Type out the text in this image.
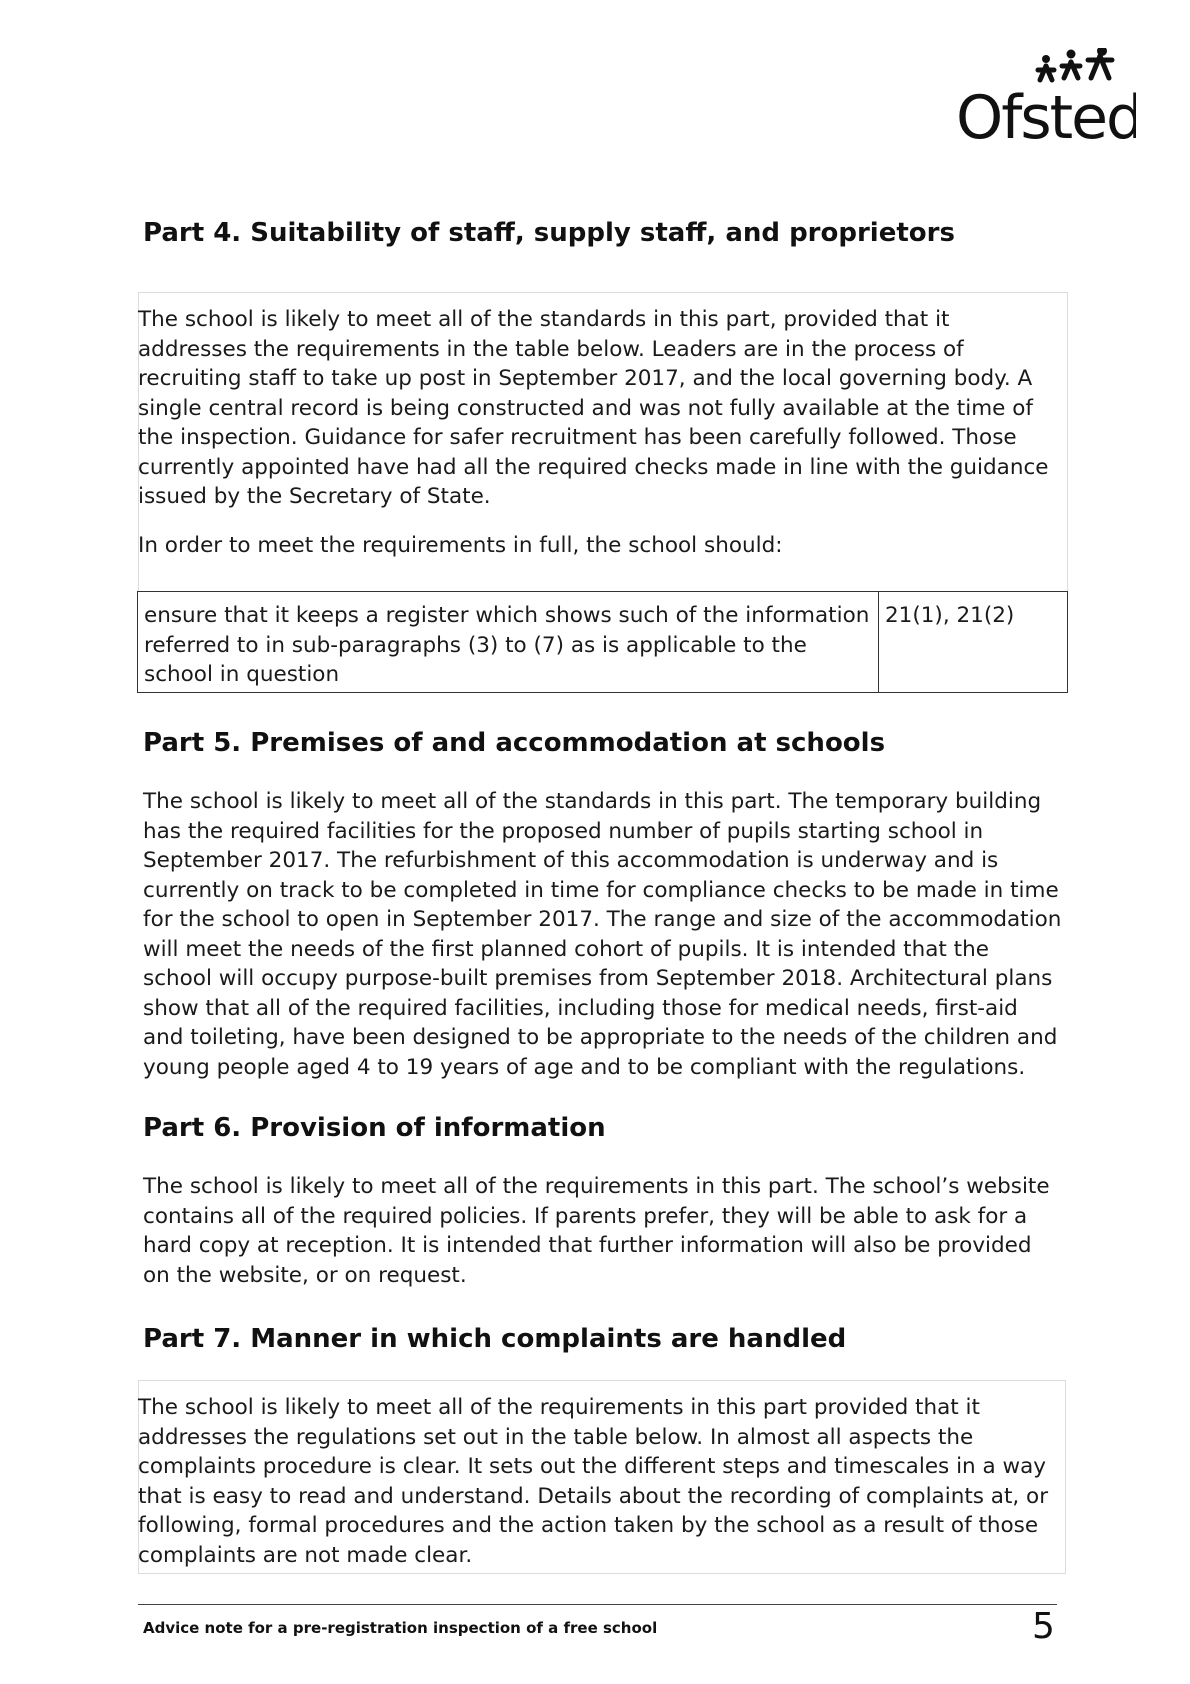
Ofsted
Part 4. Suitability of staff, supply staff, and proprietors

The school is likely to meet all of the standards in this part, provided that it addresses the requirements in the table below. Leaders are in the process of recruiting staff to take up post in September 2017, and the local governing body. A single central record is being constructed and was not fully available at the time of the inspection. Guidance for safer recruitment has been carefully followed. Those currently appointed have had all the required checks made in line with the guidance issued by the Secretary of State.

In order to meet the requirements in full, the school should:

ensure that it keeps a register which shows such of the information referred to in sub-paragraphs (3) to (7) as is applicable to the school in question
21(1), 21(2)
Part 5. Premises of and accommodation at schools

The school is likely to meet all of the standards in this part. The temporary building has the required facilities for the proposed number of pupils starting school in September 2017. The refurbishment of this accommodation is underway and is currently on track to be completed in time for compliance checks to be made in time for the school to open in September 2017. The range and size of the accommodation will meet the needs of the first planned cohort of pupils. It is intended that the school will occupy purpose-built premises from September 2018. Architectural plans show that all of the required facilities, including those for medical needs, first-aid and toileting, have been designed to be appropriate to the needs of the children and young people aged 4 to 19 years of age and to be compliant with the regulations.

Part 6. Provision of information

The school is likely to meet all of the requirements in this part. The school’s website contains all of the required policies. If parents prefer, they will be able to ask for a hard copy at reception. It is intended that further information will also be provided on the website, or on request.

Part 7. Manner in which complaints are handled

The school is likely to meet all of the requirements in this part provided that it addresses the regulations set out in the table below. In almost all aspects the complaints procedure is clear. It sets out the different steps and timescales in a way that is easy to read and understand. Details about the recording of complaints at, or following, formal procedures and the action taken by the school as a result of those complaints are not made clear.

Advice note for a pre-registration inspection of a free school	5
